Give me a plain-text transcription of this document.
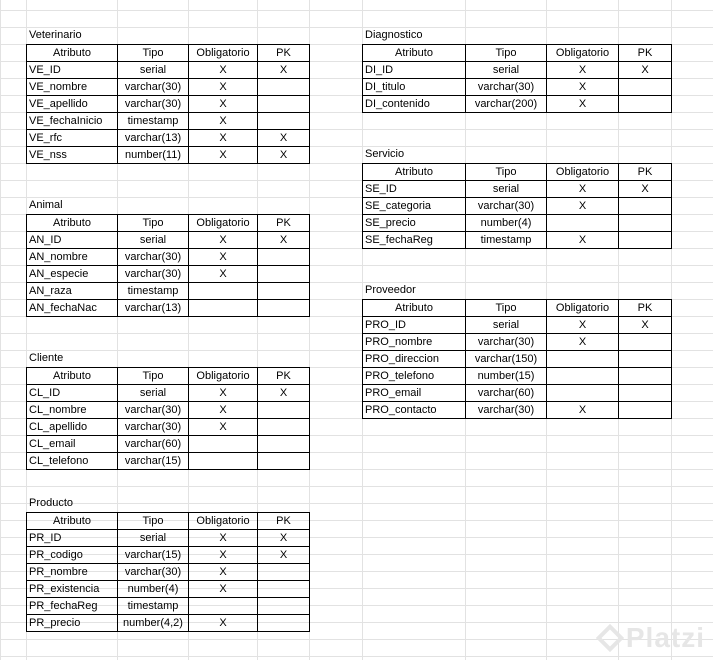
Veterinario
Atributo	Tipo	Obligatorio	PK
VE_ID	serial	X	X
VE_nombre	varchar(30)	X	
VE_apellido	varchar(30)	X	
VE_fechaInicio	timestamp	X	
VE_rfc	varchar(13)	X	X
VE_nss	number(11)	X	X
Animal
Atributo	Tipo	Obligatorio	PK
AN_ID	serial	X	X
AN_nombre	varchar(30)	X	
AN_especie	varchar(30)	X	
AN_raza	timestamp		
AN_fechaNac	varchar(13)		
Cliente
Atributo	Tipo	Obligatorio	PK
CL_ID	serial	X	X
CL_nombre	varchar(30)	X	
CL_apellido	varchar(30)	X	
CL_email	varchar(60)		
CL_telefono	varchar(15)		
Producto
Atributo	Tipo	Obligatorio	PK
PR_ID	serial	X	X
PR_codigo	varchar(15)	X	X
PR_nombre	varchar(30)	X	
PR_existencia	number(4)	X	
PR_fechaReg	timestamp		
PR_precio	number(4,2)	X	
Diagnostico
Atributo	Tipo	Obligatorio	PK
DI_ID	serial	X	X
DI_titulo	varchar(30)	X	
DI_contenido	varchar(200)	X	
Servicio
Atributo	Tipo	Obligatorio	PK
SE_ID	serial	X	X
SE_categoria	varchar(30)	X	
SE_precio	number(4)		
SE_fechaReg	timestamp	X	
Proveedor
Atributo	Tipo	Obligatorio	PK
PRO_ID	serial	X	X
PRO_nombre	varchar(30)	X	
PRO_direccion	varchar(150)		
PRO_telefono	number(15)		
PRO_email	varchar(60)		
PRO_contacto	varchar(30)	X	
Platzi
